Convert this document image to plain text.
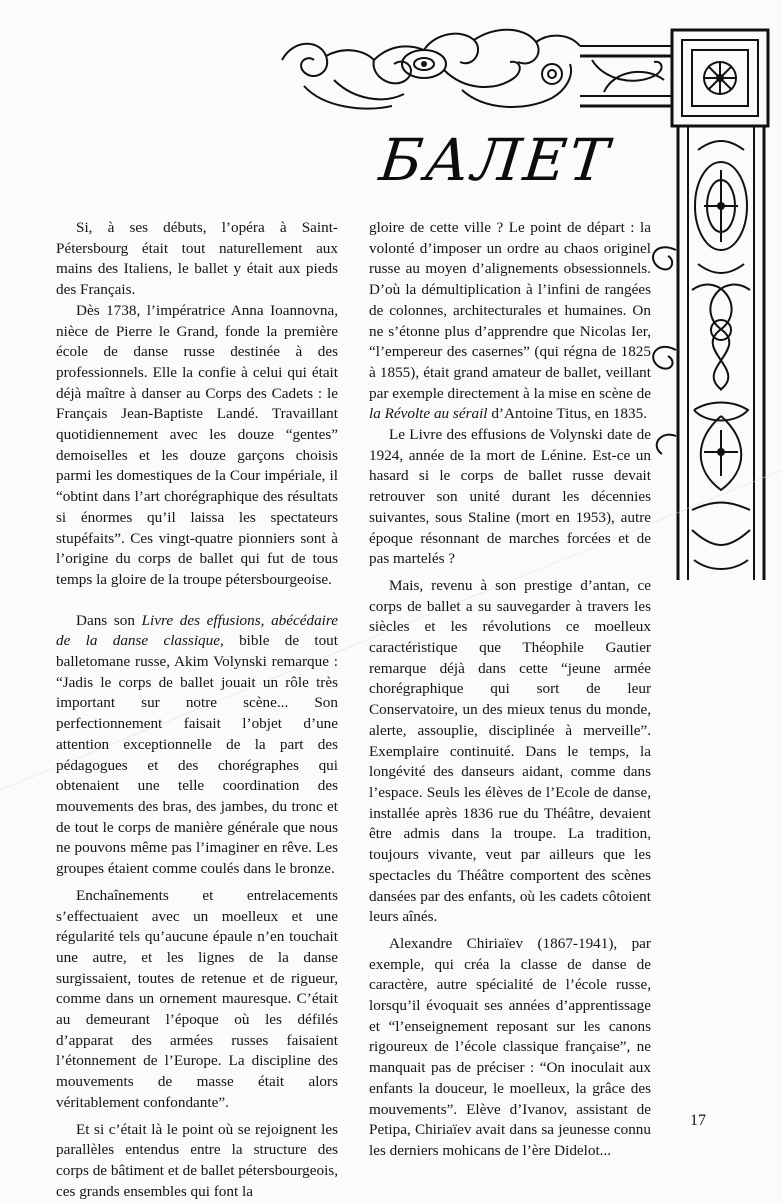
БАЛЕТ

Si, à ses débuts, l’opéra à Saint-Pétersbourg était tout naturellement aux mains des Italiens, le ballet y était aux pieds des Français.

Dès 1738, l’impératrice Anna Ioannovna, nièce de Pierre le Grand, fonde la première école de danse russe destinée à des professionnels. Elle la confie à celui qui était déjà maître à danser au Corps des Cadets : le Français Jean-Baptiste Landé. Travaillant quotidiennement avec les douze “gentes” demoiselles et les douze garçons choisis parmi les domestiques de la Cour impériale, il “obtint dans l’art chorégraphique des résultats si énormes qu’il laissa les spectateurs stupéfaits”. Ces vingt-quatre pionniers sont à l’origine du corps de ballet qui fut de tous temps la gloire de la troupe pétersbourgeoise.

Dans son Livre des effusions, abécédaire de la danse classique, bible de tout balletomane russe, Akim Volynski remarque : “Jadis le corps de ballet jouait un rôle très important sur notre scène... Son perfectionnement faisait l’objet d’une attention exceptionnelle de la part des pédagogues et des chorégraphes qui obtenaient une telle coordination des mouvements des bras, des jambes, du tronc et de tout le corps de manière générale que nous ne pouvons même pas l’imaginer en rêve. Les groupes étaient comme coulés dans le bronze.

Enchaînements et entrelacements s’effectuaient avec un moelleux et une régularité tels qu’aucune épaule n’en touchait une autre, et les lignes de la danse surgissaient, toutes de retenue et de rigueur, comme dans un ornement mauresque. C’était au demeurant l’époque où les défilés d’apparat des armées russes faisaient l’étonnement de l’Europe. La discipline des mouvements de masse était alors véritablement confondante”.

Et si c’était là le point où se rejoignent les parallèles entendus entre la structure des corps de bâtiment et de ballet pétersbourgeois, ces grands ensembles qui font la

gloire de cette ville ? Le point de départ : la volonté d’imposer un ordre au chaos originel russe au moyen d’alignements obsessionnels. D’où la démultiplication à l’infini de rangées de colonnes, architecturales et humaines. On ne s’étonne plus d’apprendre que Nicolas Ier, “l’empereur des casernes” (qui régna de 1825 à 1855), était grand amateur de ballet, veillant par exemple directement à la mise en scène de la Révolte au sérail d’Antoine Titus, en 1835.

Le Livre des effusions de Volynski date de 1924, année de la mort de Lénine. Est-ce un hasard si le corps de ballet russe devait retrouver son unité durant les décennies suivantes, sous Staline (mort en 1953), autre époque résonnant de marches forcées et de pas martelés ?

Mais, revenu à son prestige d’antan, ce corps de ballet a su sauvegarder à travers les siècles et les révolutions ce moelleux caractéristique que Théophile Gautier remarque déjà dans cette “jeune armée chorégraphique qui sort de leur Conservatoire, un des mieux tenus du monde, alerte, assouplie, disciplinée à merveille”. Exemplaire continuité. Dans le temps, la longévité des danseurs aidant, comme dans l’espace. Seuls les élèves de l’Ecole de danse, installée après 1836 rue du Théâtre, devaient être admis dans la troupe. La tradition, toujours vivante, veut par ailleurs que les spectacles du Théâtre comportent des scènes dansées par des enfants, où les cadets côtoient leurs aînés.

Alexandre Chiriaïev (1867-1941), par exemple, qui créa la classe de danse de caractère, autre spécialité de l’école russe, lorsqu’il évoquait ses années d’apprentissage et “l’enseignement reposant sur les canons rigoureux de l’école classique française”, ne manquait pas de préciser : “On inoculait aux enfants la douceur, le moelleux, la grâce des mouvements”. Elève d’Ivanov, assistant de Petipa, Chiriaïev avait dans sa jeunesse connu les derniers mohicans de l’ère Didelot...

17
